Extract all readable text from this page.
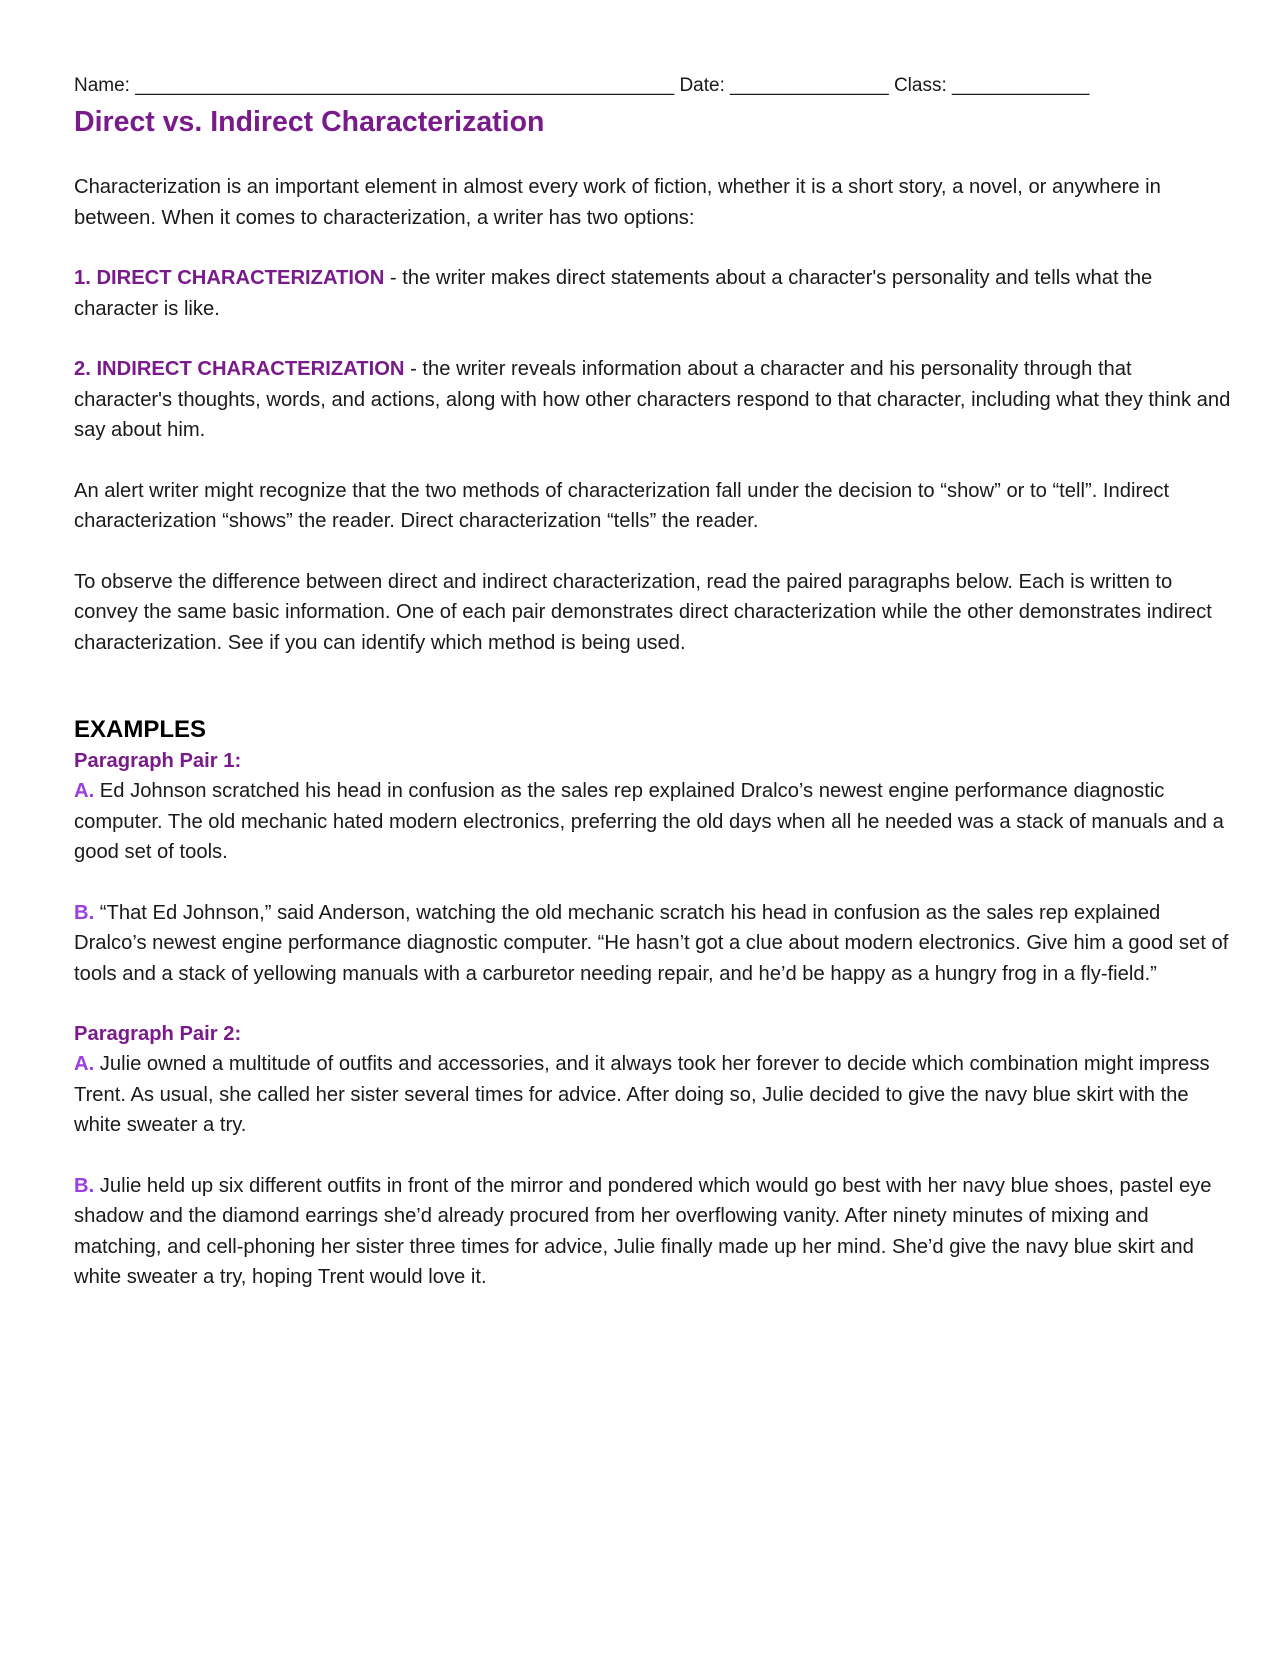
Name: ___________________________________________________ Date: _______________ Class: _____________
Direct vs. Indirect Characterization

Characterization is an important element in almost every work of fiction, whether it is a short story, a novel, or anywhere in between. When it comes to characterization, a writer has two options:

1. DIRECT CHARACTERIZATION - the writer makes direct statements about a character's personality and tells what the character is like.

2. INDIRECT CHARACTERIZATION - the writer reveals information about a character and his personality through that character's thoughts, words, and actions, along with how other characters respond to that character, including what they think and say about him.

An alert writer might recognize that the two methods of characterization fall under the decision to “show” or to “tell”. Indirect characterization “shows” the reader. Direct characterization “tells” the reader.

To observe the difference between direct and indirect characterization, read the paired paragraphs below. Each is written to convey the same basic information. One of each pair demonstrates direct characterization while the other demonstrates indirect characterization. See if you can identify which method is being used.

EXAMPLES
Paragraph Pair 1:

A. Ed Johnson scratched his head in confusion as the sales rep explained Dralco’s newest engine performance diagnostic computer. The old mechanic hated modern electronics, preferring the old days when all he needed was a stack of manuals and a good set of tools.

B. “That Ed Johnson,” said Anderson, watching the old mechanic scratch his head in confusion as the sales rep explained Dralco’s newest engine performance diagnostic computer. “He hasn’t got a clue about modern electronics. Give him a good set of tools and a stack of yellowing manuals with a carburetor needing repair, and he’d be happy as a hungry frog in a fly-field.”

Paragraph Pair 2:

A. Julie owned a multitude of outfits and accessories, and it always took her forever to decide which combination might impress Trent. As usual, she called her sister several times for advice. After doing so, Julie decided to give the navy blue skirt with the white sweater a try.

B. Julie held up six different outfits in front of the mirror and pondered which would go best with her navy blue shoes, pastel eye shadow and the diamond earrings she’d already procured from her overflowing vanity. After ninety minutes of mixing and matching, and cell-phoning her sister three times for advice, Julie finally made up her mind. She’d give the navy blue skirt and white sweater a try, hoping Trent would love it.
